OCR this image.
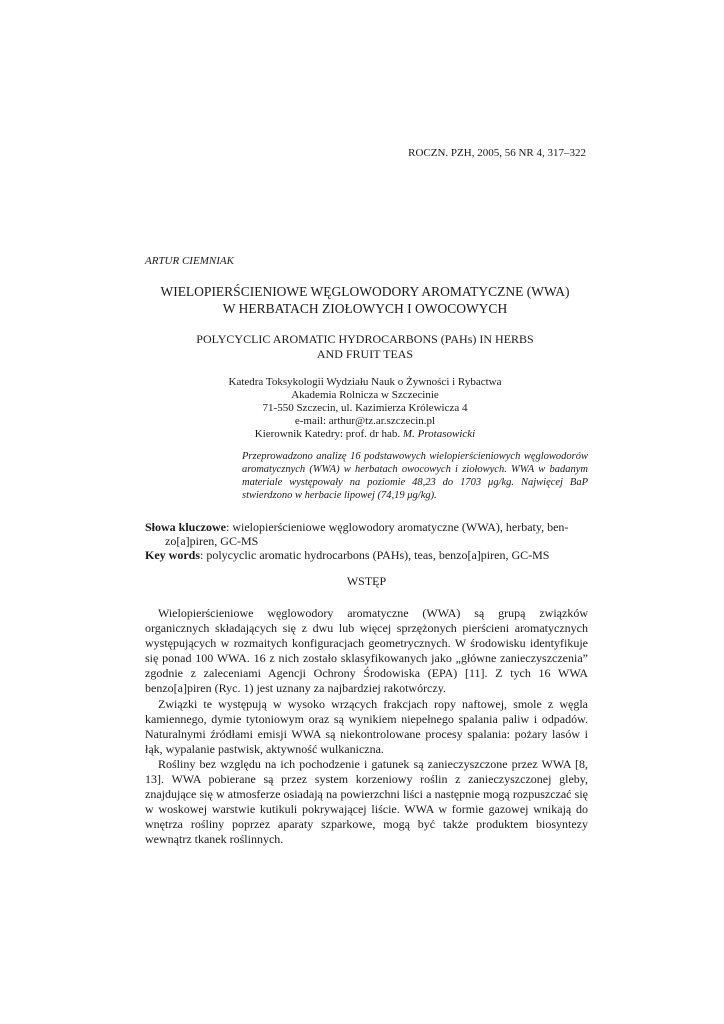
ROCZN. PZH, 2005, 56 NR 4, 317–322
ARTUR CIEMNIAK
WIELOPIERŚCIENIOWE WĘGLOWODORY AROMATYCZNE (WWA)
W HERBATACH ZIOŁOWYCH I OWOCOWYCH
POLYCYCLIC AROMATIC HYDROCARBONS (PAHs) IN HERBS
AND FRUIT TEAS
Katedra Toksykologii Wydziału Nauk o Żywności i Rybactwa
Akademia Rolnicza w Szczecinie
71-550 Szczecin, ul. Kazimierza Królewicza 4
e-mail: arthur@tz.ar.szczecin.pl
Kierownik Katedry: prof. dr hab. M. Protasowicki
Przeprowadzono analizę 16 podstawowych wielopierścieniowych węglowodorów aromatycznych (WWA) w herbatach owocowych i ziołowych. WWA w badanym materiale występowały na poziomie 48,23 do 1703 μg/kg. Najwięcej BaP stwierdzono w herbacie lipowej (74,19 μg/kg).

Słowa kluczowe: wielopierścieniowe węglowodory aromatyczne (WWA), herbaty, ben-

zo[a]piren, GC-MS

Key words: polycyclic aromatic hydrocarbons (PAHs), teas, benzo[a]piren, GC-MS

WSTĘP

Wielopierścieniowe węglowodory aromatyczne (WWA) są grupą związków organicznych składających się z dwu lub więcej sprzężonych pierścieni aromatycznych występujących w rozmaitych konfiguracjach geometrycznych. W środowisku identyfikuje się ponad 100 WWA. 16 z nich zostało sklasyfikowanych jako „główne zanieczyszczenia” zgodnie z zaleceniami Agencji Ochrony Środowiska (EPA) [11]. Z tych 16 WWA benzo[a]piren (Ryc. 1) jest uznany za najbardziej rakotwórczy.

Związki te występują w wysoko wrzących frakcjach ropy naftowej, smole z węgla kamiennego, dymie tytoniowym oraz są wynikiem niepełnego spalania paliw i odpadów. Naturalnymi źródłami emisji WWA są niekontrolowane procesy spalania: pożary lasów i łąk, wypalanie pastwisk, aktywność wulkaniczna.

Rośliny bez względu na ich pochodzenie i gatunek są zanieczyszczone przez WWA [8, 13]. WWA pobierane są przez system korzeniowy roślin z zanieczyszczonej gleby, znajdujące się w atmosferze osiadają na powierzchni liści a następnie mogą rozpuszczać się w woskowej warstwie kutikuli pokrywającej liście. WWA w formie gazowej wnikają do wnętrza rośliny poprzez aparaty szparkowe, mogą być także produktem biosyntezy wewnątrz tkanek roślinnych.
